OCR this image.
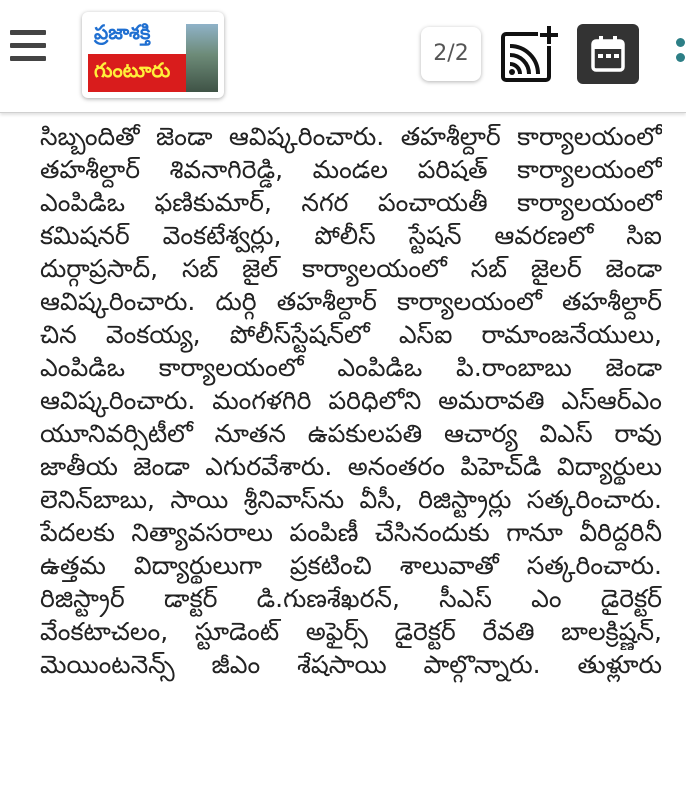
ప్రజాశక్తి
గుంటూరు
2/2

సిబ్బందితో జెండా ఆవిష్కరించారు. తహశీల్దార్ కార్యాలయంలో
తహశీల్దార్ శివనాగిరెడ్డి, మండల పరిషత్ కార్యాలయంలో
ఎంపిడిఒ ఫణికుమార్, నగర పంచాయతీ కార్యాలయంలో
కమిషనర్ వెంకటేశ్వర్లు, పోలీస్ స్టేషన్ ఆవరణలో సిఐ
దుర్గాప్రసాద్, సబ్ జైల్ కార్యాలయంలో సబ్ జైలర్ జెండా
ఆవిష్కరించారు. దుర్గి తహశీల్దార్ కార్యాలయంలో తహశీల్దార్
చిన వెంకయ్య, పోలీస్‌స్టేషన్‌లో ఎస్‌ఐ రామాంజనేయులు,
ఎంపిడిఒ కార్యాలయంలో ఎంపిడిఒ పి.రాంబాబు జెండా
ఆవిష్కరించారు. మంగళగిరి పరిధిలోని అమరావతి ఎస్‌ఆర్‌ఎం
యూనివర్సిటీలో నూతన ఉపకులపతి ఆచార్య విఎస్ రావు
జాతీయ జెండా ఎగురవేశారు. అనంతరం పిహెచ్‌డి విద్యార్థులు
లెనిన్‌బాబు, సాయి శ్రీనివాస్‌ను వీసీ, రిజిస్ట్రార్లు సత్కరించారు.
పేదలకు నిత్యావసరాలు పంపిణీ చేసినందుకు గానూ వీరిద్దరినీ
ఉత్తమ విద్యార్థులుగా ప్రకటించి శాలువాతో సత్కరించారు.
రిజిస్ట్రార్ డాక్టర్ డి.గుణశేఖరన్, సీఎస్ ఎం డైరెక్టర్
వేంకటాచలం, స్టూడెంట్ అఫైర్స్ డైరెక్టర్ రేవతి బాలక్రిష్ణన్,
మెయింటనెన్స్ జీఎం శేషసాయి పాల్గొన్నారు. తుళ్లూరు
